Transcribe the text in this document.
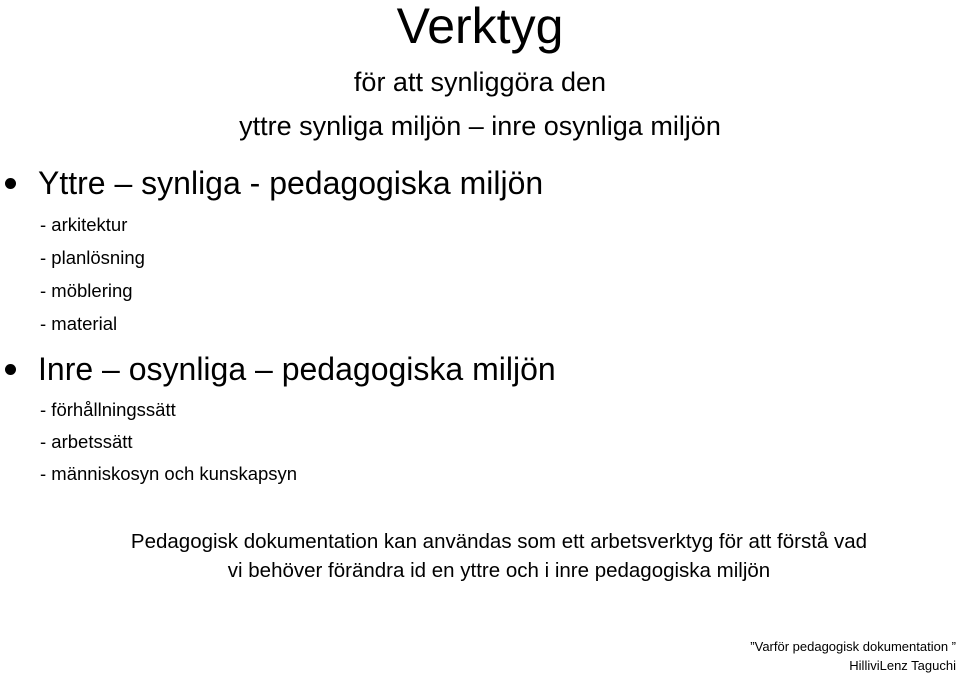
Verktyg
för att synliggöra den
yttre synliga miljön – inre osynliga miljön
Yttre – synliga - pedagogiska miljön
- arkitektur
- planlösning
- möblering
- material
Inre – osynliga – pedagogiska miljön
- förhållningssätt
- arbetssätt
- människosyn och kunskapsyn
Pedagogisk dokumentation kan användas som ett arbetsverktyg för att förstå vad
vi behöver förändra id en yttre och i inre pedagogiska miljön
”Varför pedagogisk dokumentation ”
HilliviLenz Taguchi
